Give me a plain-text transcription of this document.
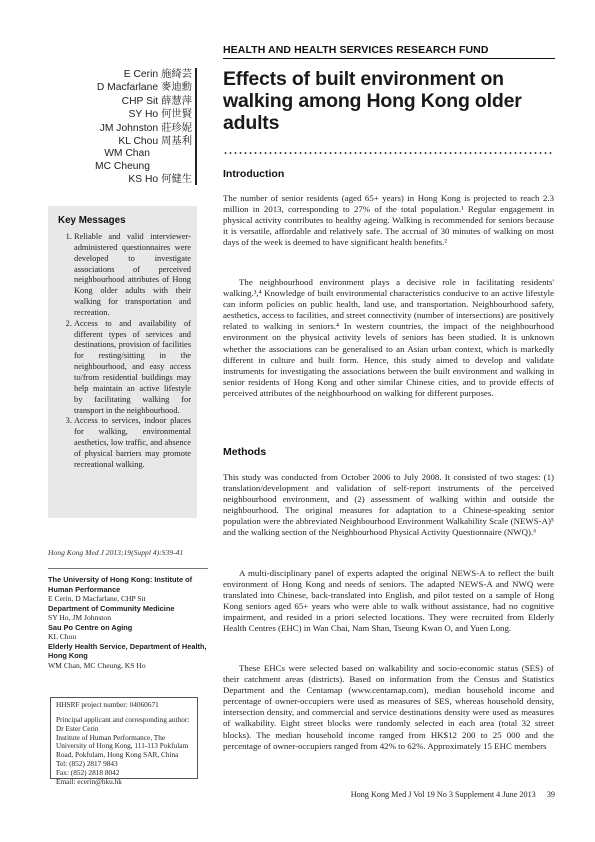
HEALTH AND HEALTH SERVICES RESEARCH FUND
E Cerin 施綺芸
D Macfarlane 麥迪勳
CHP Sit 薛慧萍
SY Ho 何世賢
JM Johnston 莊珍妮
KL Chou 周基利
WM Chan
MC Cheung
KS Ho 何健生
Effects of built environment on walking among Hong Kong older adults
Introduction

The number of senior residents (aged 65+ years) in Hong Kong is projected to reach 2.3 million in 2013, corresponding to 27% of the total population.¹ Regular engagement in physical activity contributes to healthy ageing. Walking is recommended for seniors because it is versatile, affordable and relatively safe. The accrual of 30 minutes of walking on most days of the week is deemed to have significant health benefits.²

The neighbourhood environment plays a decisive role in facilitating residents' walking.³,⁴ Knowledge of built environmental characteristics conducive to an active lifestyle can inform policies on public health, land use, and transportation. Neighbourhood safety, aesthetics, access to facilities, and street connectivity (number of intersections) are positively related to walking in seniors.⁴ In western countries, the impact of the neighbourhood environment on the physical activity levels of seniors has been studied. It is unknown whether the associations can be generalised to an Asian urban context, which is markedly different in culture and built form. Hence, this study aimed to develop and validate instruments for investigating the associations between the built environment and walking in senior residents of Hong Kong and other similar Chinese cities, and to provide effects of perceived attributes of the neighbourhood on walking for different purposes.

Methods

This study was conducted from October 2006 to July 2008. It consisted of two stages: (1) translation/development and validation of self-report instruments of the perceived neighbourhood environment, and (2) assessment of walking within and outside the neighbourhood. The original measures for adaptation to a Chinese-speaking senior population were the abbreviated Neighbourhood Environment Walkability Scale (NEWS-A)⁵ and the walking section of the Neighbourhood Physical Activity Questionnaire (NWQ).⁶

A multi-disciplinary panel of experts adapted the original NEWS-A to reflect the built environment of Hong Kong and needs of seniors. The adapted NEWS-A and NWQ were translated into Chinese, back-translated into English, and pilot tested on a sample of Hong Kong seniors aged 65+ years who were able to walk without assistance, had no cognitive impairment, and resided in a priori selected locations. They were recruited from Elderly Health Centres (EHC) in Wan Chai, Nam Shan, Tseung Kwan O, and Yuen Long.

These EHCs were selected based on walkability and socio-economic status (SES) of their catchment areas (districts). Based on information from the Census and Statistics Department and the Centamap (www.centamap.com), median household income and percentage of owner-occupiers were used as measures of SES, whereas household density, intersection density, and commercial and service destinations density were used as measures of walkability. Eight street blocks were randomly selected in each area (total 32 street blocks). The median household income ranged from HK$12 200 to 25 000 and the percentage of owner-occupiers ranged from 42% to 62%. Approximately 15 EHC members

Key Messages
1. Reliable and valid interviewer-administered questionnaires were developed to investigate associations of perceived neighbourhood attributes of Hong Kong older adults with their walking for transportation and recreation.
2. Access to and availability of different types of services and destinations, provision of facilities for resting/sitting in the neighbourhood, and easy access to/from residential buildings may help maintain an active lifestyle by facilitating walking for transport in the neighbourhood.
3. Access to services, indoor places for walking, environmental aesthetics, low traffic, and absence of physical barriers may promote recreational walking.
Hong Kong Med J 2013;19(Suppl 4):S39-41
The University of Hong Kong: Institute of Human Performance
E Cerin, D Macfarlane, CHP Sit
Department of Community Medicine
SY Ho, JM Johnston
Sau Po Centre on Aging
KL Chou
Elderly Health Service, Department of Health, Hong Kong
WM Chan, MC Cheung, KS Ho
HHSRF project number: 04060671
Principal applicant and corresponding author:
Dr Ester Cerin
Institute of Human Performance, The
University of Hong Kong, 111-113 Pokfulam
Road, Pokfulam, Hong Kong SAR, China
Tel: (852) 2817 9843
Fax: (852) 2818 8042
Email: ecerin@hku.hk
Hong Kong Med J Vol 19 No 3 Supplement 4 June 2013 39
